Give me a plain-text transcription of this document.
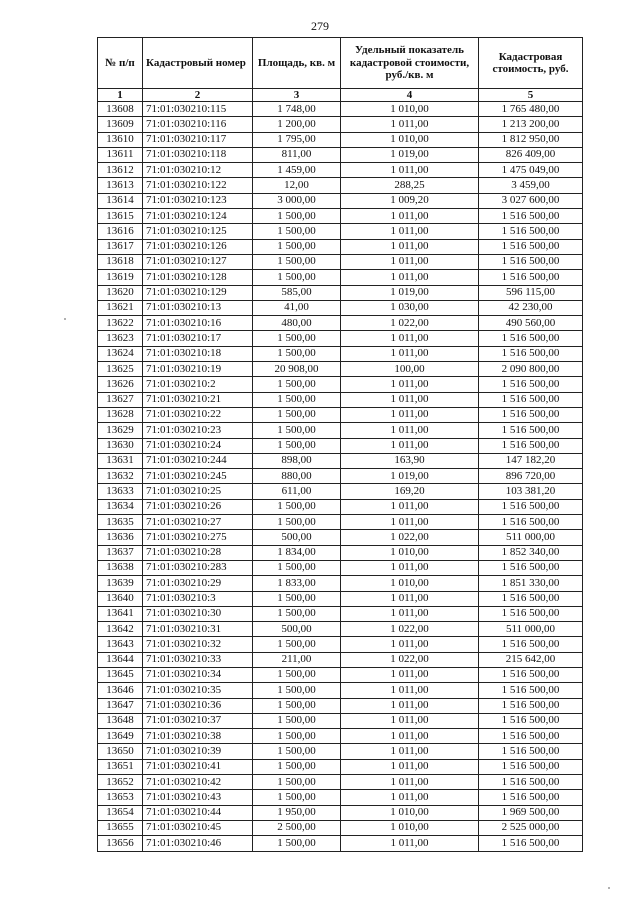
279
№ п/п	Кадастровый номер	Площадь, кв. м	Удельный показатель кадастровой стоимости, руб./кв. м	Кадастровая стоимость, руб.
1	2	3	4	5
13608	71:01:030210:115	1 748,00	1 010,00	1 765 480,00
13609	71:01:030210:116	1 200,00	1 011,00	1 213 200,00
13610	71:01:030210:117	1 795,00	1 010,00	1 812 950,00
13611	71:01:030210:118	811,00	1 019,00	826 409,00
13612	71:01:030210:12	1 459,00	1 011,00	1 475 049,00
13613	71:01:030210:122	12,00	288,25	3 459,00
13614	71:01:030210:123	3 000,00	1 009,20	3 027 600,00
13615	71:01:030210:124	1 500,00	1 011,00	1 516 500,00
13616	71:01:030210:125	1 500,00	1 011,00	1 516 500,00
13617	71:01:030210:126	1 500,00	1 011,00	1 516 500,00
13618	71:01:030210:127	1 500,00	1 011,00	1 516 500,00
13619	71:01:030210:128	1 500,00	1 011,00	1 516 500,00
13620	71:01:030210:129	585,00	1 019,00	596 115,00
13621	71:01:030210:13	41,00	1 030,00	42 230,00
13622	71:01:030210:16	480,00	1 022,00	490 560,00
13623	71:01:030210:17	1 500,00	1 011,00	1 516 500,00
13624	71:01:030210:18	1 500,00	1 011,00	1 516 500,00
13625	71:01:030210:19	20 908,00	100,00	2 090 800,00
13626	71:01:030210:2	1 500,00	1 011,00	1 516 500,00
13627	71:01:030210:21	1 500,00	1 011,00	1 516 500,00
13628	71:01:030210:22	1 500,00	1 011,00	1 516 500,00
13629	71:01:030210:23	1 500,00	1 011,00	1 516 500,00
13630	71:01:030210:24	1 500,00	1 011,00	1 516 500,00
13631	71:01:030210:244	898,00	163,90	147 182,20
13632	71:01:030210:245	880,00	1 019,00	896 720,00
13633	71:01:030210:25	611,00	169,20	103 381,20
13634	71:01:030210:26	1 500,00	1 011,00	1 516 500,00
13635	71:01:030210:27	1 500,00	1 011,00	1 516 500,00
13636	71:01:030210:275	500,00	1 022,00	511 000,00
13637	71:01:030210:28	1 834,00	1 010,00	1 852 340,00
13638	71:01:030210:283	1 500,00	1 011,00	1 516 500,00
13639	71:01:030210:29	1 833,00	1 010,00	1 851 330,00
13640	71:01:030210:3	1 500,00	1 011,00	1 516 500,00
13641	71:01:030210:30	1 500,00	1 011,00	1 516 500,00
13642	71:01:030210:31	500,00	1 022,00	511 000,00
13643	71:01:030210:32	1 500,00	1 011,00	1 516 500,00
13644	71:01:030210:33	211,00	1 022,00	215 642,00
13645	71:01:030210:34	1 500,00	1 011,00	1 516 500,00
13646	71:01:030210:35	1 500,00	1 011,00	1 516 500,00
13647	71:01:030210:36	1 500,00	1 011,00	1 516 500,00
13648	71:01:030210:37	1 500,00	1 011,00	1 516 500,00
13649	71:01:030210:38	1 500,00	1 011,00	1 516 500,00
13650	71:01:030210:39	1 500,00	1 011,00	1 516 500,00
13651	71:01:030210:41	1 500,00	1 011,00	1 516 500,00
13652	71:01:030210:42	1 500,00	1 011,00	1 516 500,00
13653	71:01:030210:43	1 500,00	1 011,00	1 516 500,00
13654	71:01:030210:44	1 950,00	1 010,00	1 969 500,00
13655	71:01:030210:45	2 500,00	1 010,00	2 525 000,00
13656	71:01:030210:46	1 500,00	1 011,00	1 516 500,00
